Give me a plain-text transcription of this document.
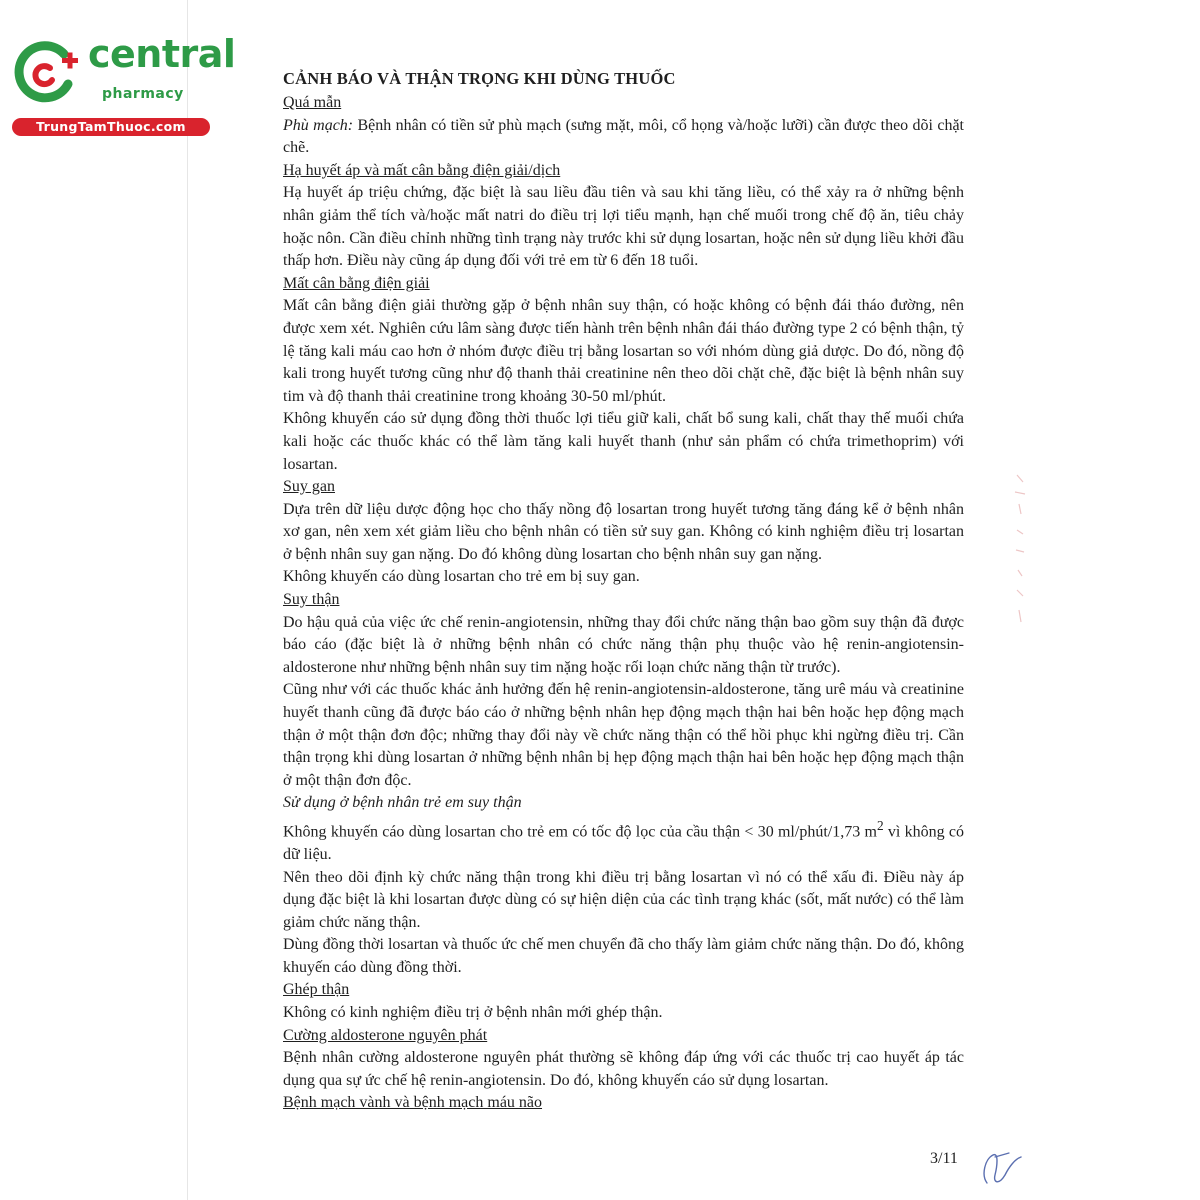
central
pharmacy
TrungTamThuoc.com

CẢNH BÁO VÀ THẬN TRỌNG KHI DÙNG THUỐC

Quá mẫn

Phù mạch: Bệnh nhân có tiền sử phù mạch (sưng mặt, môi, cổ họng và/hoặc lưỡi) cần được theo dõi chặt chẽ.

Hạ huyết áp và mất cân bằng điện giải/dịch

Hạ huyết áp triệu chứng, đặc biệt là sau liều đầu tiên và sau khi tăng liều, có thể xảy ra ở những bệnh nhân giảm thể tích và/hoặc mất natri do điều trị lợi tiểu mạnh, hạn chế muối trong chế độ ăn, tiêu chảy hoặc nôn. Cần điều chỉnh những tình trạng này trước khi sử dụng losartan, hoặc nên sử dụng liều khởi đầu thấp hơn. Điều này cũng áp dụng đối với trẻ em từ 6 đến 18 tuổi.

Mất cân bằng điện giải

Mất cân bằng điện giải thường gặp ở bệnh nhân suy thận, có hoặc không có bệnh đái tháo đường, nên được xem xét. Nghiên cứu lâm sàng được tiến hành trên bệnh nhân đái tháo đường type 2 có bệnh thận, tỷ lệ tăng kali máu cao hơn ở nhóm được điều trị bằng losartan so với nhóm dùng giả dược. Do đó, nồng độ kali trong huyết tương cũng như độ thanh thải creatinine nên theo dõi chặt chẽ, đặc biệt là bệnh nhân suy tim và độ thanh thải creatinine trong khoảng 30-50 ml/phút.

Không khuyến cáo sử dụng đồng thời thuốc lợi tiểu giữ kali, chất bổ sung kali, chất thay thế muối chứa kali hoặc các thuốc khác có thể làm tăng kali huyết thanh (như sản phẩm có chứa trimethoprim) với losartan.

Suy gan

Dựa trên dữ liệu dược động học cho thấy nồng độ losartan trong huyết tương tăng đáng kể ở bệnh nhân xơ gan, nên xem xét giảm liều cho bệnh nhân có tiền sử suy gan. Không có kinh nghiệm điều trị losartan ở bệnh nhân suy gan nặng. Do đó không dùng losartan cho bệnh nhân suy gan nặng.

Không khuyến cáo dùng losartan cho trẻ em bị suy gan.

Suy thận

Do hậu quả của việc ức chế renin-angiotensin, những thay đổi chức năng thận bao gồm suy thận đã được báo cáo (đặc biệt là ở những bệnh nhân có chức năng thận phụ thuộc vào hệ renin-angiotensin-aldosterone như những bệnh nhân suy tim nặng hoặc rối loạn chức năng thận từ trước).

Cũng như với các thuốc khác ảnh hưởng đến hệ renin-angiotensin-aldosterone, tăng urê máu và creatinine huyết thanh cũng đã được báo cáo ở những bệnh nhân hẹp động mạch thận hai bên hoặc hẹp động mạch thận ở một thận đơn độc; những thay đổi này về chức năng thận có thể hồi phục khi ngừng điều trị. Cần thận trọng khi dùng losartan ở những bệnh nhân bị hẹp động mạch thận hai bên hoặc hẹp động mạch thận ở một thận đơn độc.

Sử dụng ở bệnh nhân trẻ em suy thận

Không khuyến cáo dùng losartan cho trẻ em có tốc độ lọc của cầu thận < 30 ml/phút/1,73 $m^2$ vì không có dữ liệu.

Nên theo dõi định kỳ chức năng thận trong khi điều trị bằng losartan vì nó có thể xấu đi. Điều này áp dụng đặc biệt là khi losartan được dùng có sự hiện diện của các tình trạng khác (sốt, mất nước) có thể làm giảm chức năng thận.

Dùng đồng thời losartan và thuốc ức chế men chuyển đã cho thấy làm giảm chức năng thận. Do đó, không khuyến cáo dùng đồng thời.

Ghép thận

Không có kinh nghiệm điều trị ở bệnh nhân mới ghép thận.

Cường aldosterone nguyên phát

Bệnh nhân cường aldosterone nguyên phát thường sẽ không đáp ứng với các thuốc trị cao huyết áp tác dụng qua sự ức chế hệ renin-angiotensin. Do đó, không khuyến cáo sử dụng losartan.

Bệnh mạch vành và bệnh mạch máu não

3/11
